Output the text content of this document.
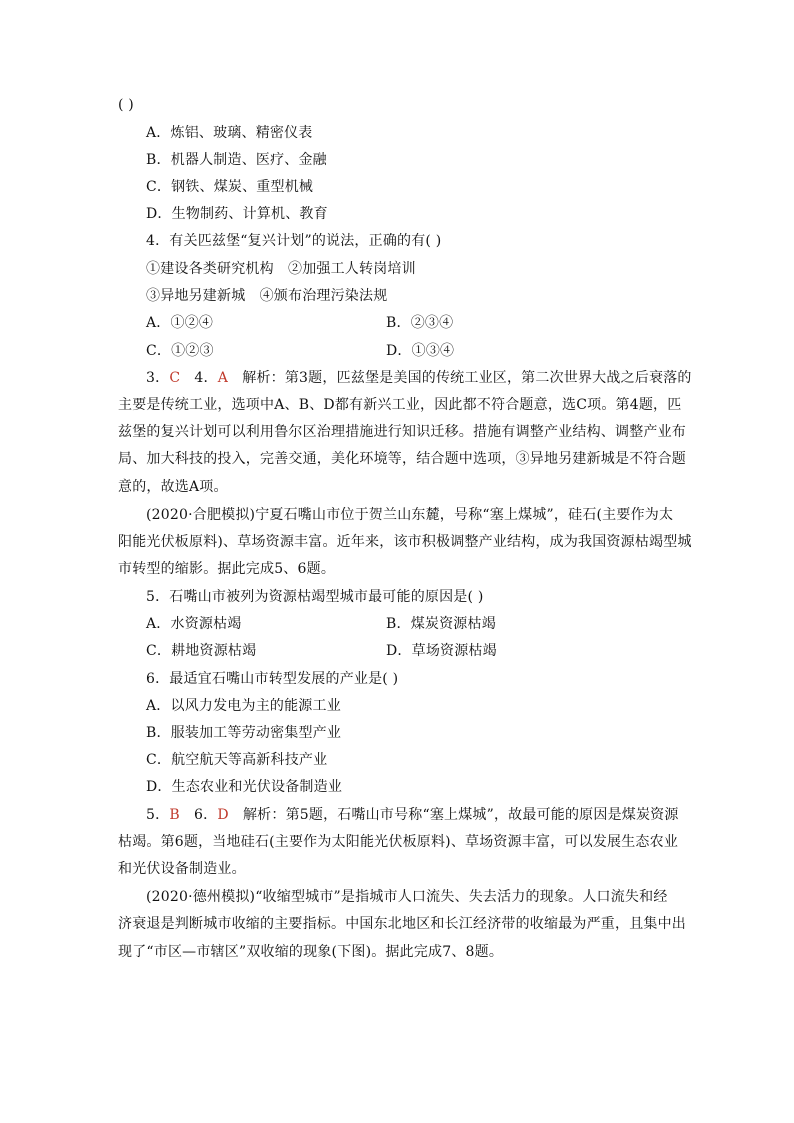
( )
A．炼铝、玻璃、精密仪表
B．机器人制造、医疗、金融
C．钢铁、煤炭、重型机械
D．生物制药、计算机、教育
4．有关匹兹堡“复兴计划”的说法，正确的有( )
①建设各类研究机构　②加强工人转岗培训
③异地另建新城　④颁布治理污染法规
A．①②④	B．②③④
C．①②③	D．①③④
3．C　4．A　解析：第3题，匹兹堡是美国的传统工业区，第二次世界大战之后衰落的
主要是传统工业，选项中A、B、D都有新兴工业，因此都不符合题意，选C项。第4题，匹
兹堡的复兴计划可以利用鲁尔区治理措施进行知识迁移。措施有调整产业结构、调整产业布
局、加大科技的投入，完善交通，美化环境等，结合题中选项，③异地另建新城是不符合题
意的，故选A项。
(2020·合肥模拟)宁夏石嘴山市位于贺兰山东麓，号称“塞上煤城”，硅石(主要作为太
阳能光伏板原料)、草场资源丰富。近年来，该市积极调整产业结构，成为我国资源枯竭型城
市转型的缩影。据此完成5、6题。
5．石嘴山市被列为资源枯竭型城市最可能的原因是( )
A．水资源枯竭	B．煤炭资源枯竭
C．耕地资源枯竭	D．草场资源枯竭
6．最适宜石嘴山市转型发展的产业是( )
A．以风力发电为主的能源工业
B．服装加工等劳动密集型产业
C．航空航天等高新科技产业
D．生态农业和光伏设备制造业
5．B　6．D　解析：第5题，石嘴山市号称“塞上煤城”，故最可能的原因是煤炭资源
枯竭。第6题，当地硅石(主要作为太阳能光伏板原料)、草场资源丰富，可以发展生态农业
和光伏设备制造业。
(2020·德州模拟)“收缩型城市”是指城市人口流失、失去活力的现象。人口流失和经
济衰退是判断城市收缩的主要指标。中国东北地区和长江经济带的收缩最为严重，且集中出
现了“市区—市辖区”双收缩的现象(下图)。据此完成7、8题。
